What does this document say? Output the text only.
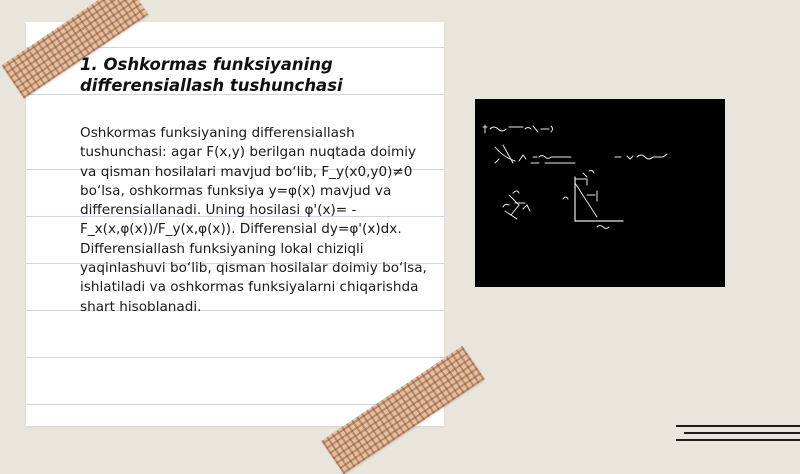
1. Oshkormas funksiyaning differensiallash tushunchasi

Oshkormas funksiyaning differensiallash tushunchasi: agar F(x,y) berilgan nuqtada doimiy va qisman hosilalari mavjud bo‘lib, F_y(x0,y0)≠0 bo‘lsa, oshkormas funksiya y=φ(x) mavjud va differensiallanadi. Uning hosilasi φ'(x)= -F_x(x,φ(x))/F_y(x,φ(x)). Differensial dy=φ'(x)dx. Differensiallash funksiyaning lokal chiziqli yaqinlashuvi bo‘lib, qisman hosilalar doimiy bo‘lsa, ishlatiladi va oshkormas funksiyalarni chiqarishda shart hisoblanadi.
